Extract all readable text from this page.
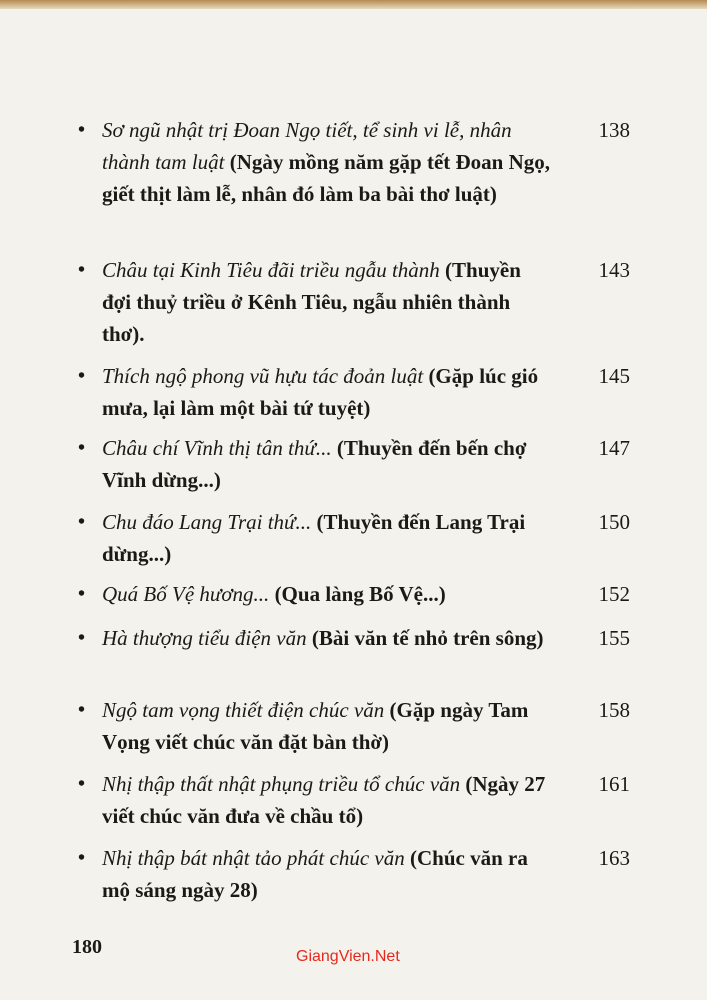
• Sơ ngũ nhật trị Đoan Ngọ tiết, tể sinh vi lễ, nhân thành tam luật (Ngày mồng năm gặp tết Đoan Ngọ, giết thịt làm lễ, nhân đó làm ba bài thơ luật)
138
• Châu tại Kinh Tiêu đãi triều ngẫu thành (Thuyền đợi thuỷ triều ở Kênh Tiêu, ngẫu nhiên thành thơ).
143
• Thích ngộ phong vũ hựu tác đoản luật (Gặp lúc gió mưa, lại làm một bài tứ tuyệt)
145
• Châu chí Vĩnh thị tân thứ... (Thuyền đến bến chợ Vĩnh dừng...)
147
• Chu đáo Lang Trại thứ... (Thuyền đến Lang Trại dừng...)
150
• Quá Bố Vệ hương... (Qua làng Bố Vệ...)	152
• Hà thượng tiểu điện văn (Bài văn tế nhỏ trên sông)	155
• Ngộ tam vọng thiết điện chúc văn (Gặp ngày Tam Vọng viết chúc văn đặt bàn thờ)
158
• Nhị thập thất nhật phụng triều tổ chúc văn (Ngày 27 viết chúc văn đưa về chầu tổ)
161
• Nhị thập bát nhật tảo phát chúc văn (Chúc văn ra mộ sáng ngày 28)
163
180	GiangVien.Net
